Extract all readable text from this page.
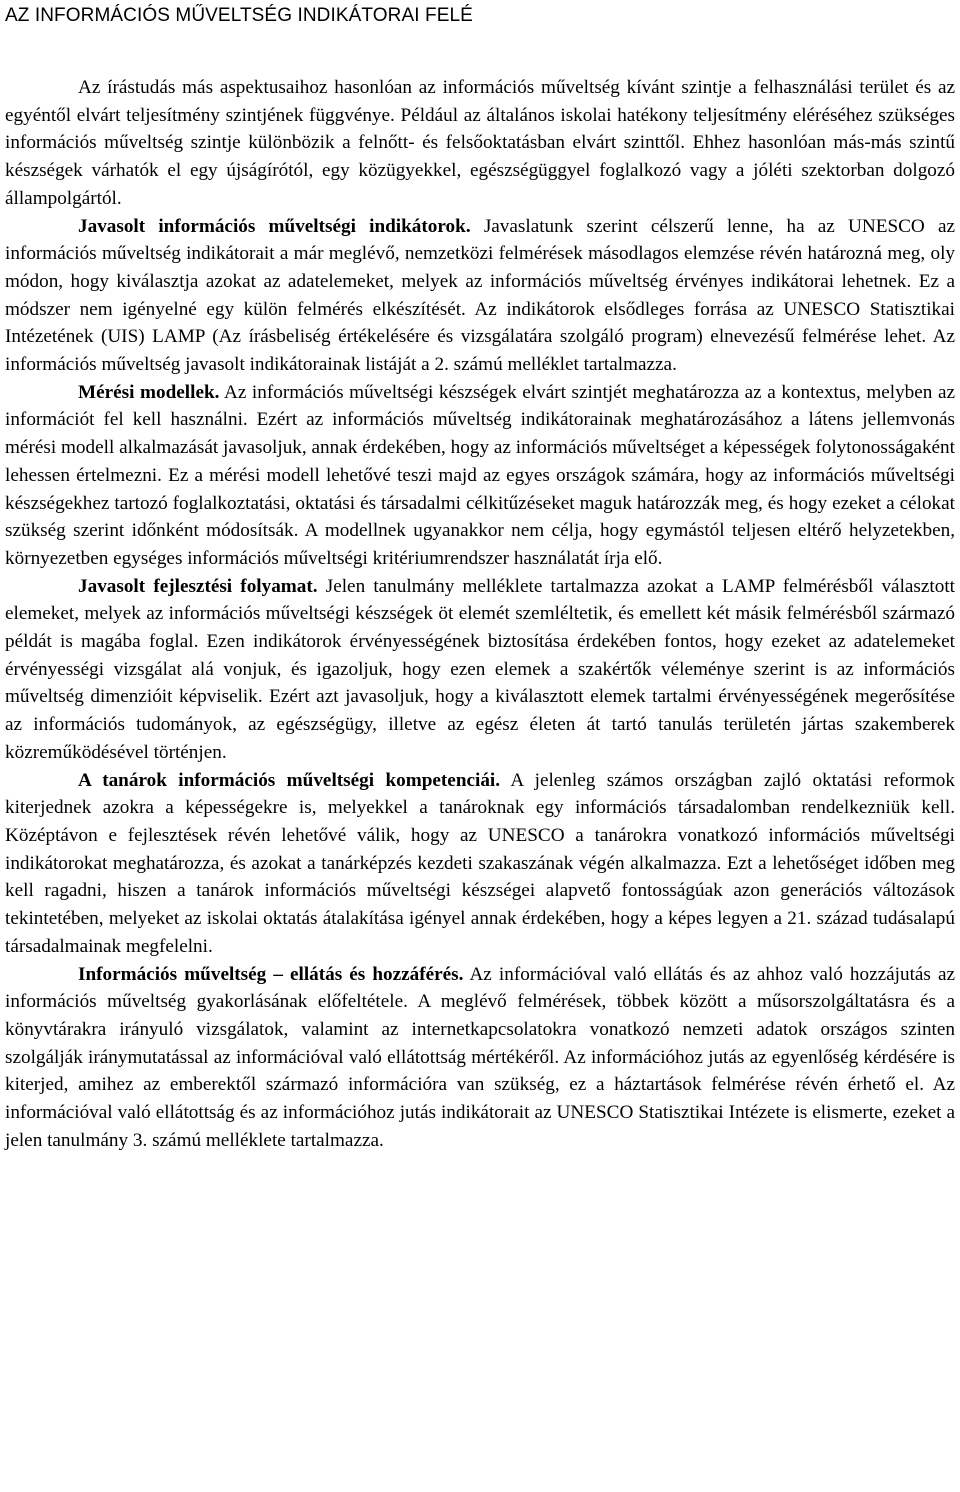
AZ INFORMÁCIÓS MŰVELTSÉG INDIKÁTORAI FELÉ

Az írástudás más aspektusaihoz hasonlóan az információs műveltség kívánt szintje a felhasználási terület és az egyéntől elvárt teljesítmény szintjének függvénye. Például az általános iskolai hatékony teljesítmény eléréséhez szükséges információs műveltség szintje különbözik a felnőtt- és felsőoktatásban elvárt szinttől. Ehhez hasonlóan más-más szintű készségek várhatók el egy újságírótól, egy közügyekkel, egészségüggyel foglalkozó vagy a jóléti szektorban dolgozó állampolgártól.

Javasolt információs műveltségi indikátorok. Javaslatunk szerint célszerű lenne, ha az UNESCO az információs műveltség indikátorait a már meglévő, nemzetközi felmérések másodlagos elemzése révén határozná meg, oly módon, hogy kiválasztja azokat az adatelemeket, melyek az információs műveltség érvényes indikátorai lehetnek. Ez a módszer nem igényelné egy külön felmérés elkészítését. Az indikátorok elsődleges forrása az UNESCO Statisztikai Intézetének (UIS) LAMP (Az írásbeliség értékelésére és vizsgálatára szolgáló program) elnevezésű felmérése lehet. Az információs műveltség javasolt indikátorainak listáját a 2. számú melléklet tartalmazza.

Mérési modellek. Az információs műveltségi készségek elvárt szintjét meghatározza az a kontextus, melyben az információt fel kell használni. Ezért az információs műveltség indikátorainak meghatározásához a látens jellemvonás mérési modell alkalmazását javasoljuk, annak érdekében, hogy az információs műveltséget a képességek folytonosságaként lehessen értelmezni. Ez a mérési modell lehetővé teszi majd az egyes országok számára, hogy az információs műveltségi készségekhez tartozó foglalkoztatási, oktatási és társadalmi célkitűzéseket maguk határozzák meg, és hogy ezeket a célokat szükség szerint időnként módosítsák. A modellnek ugyanakkor nem célja, hogy egymástól teljesen eltérő helyzetekben, környezetben egységes információs műveltségi kritériumrendszer használatát írja elő.

Javasolt fejlesztési folyamat. Jelen tanulmány melléklete tartalmazza azokat a LAMP felmérésből választott elemeket, melyek az információs műveltségi készségek öt elemét szemléltetik, és emellett két másik felmérésből származó példát is magába foglal. Ezen indikátorok érvényességének biztosítása érdekében fontos, hogy ezeket az adatelemeket érvényességi vizsgálat alá vonjuk, és igazoljuk, hogy ezen elemek a szakértők véleménye szerint is az információs műveltség dimenzióit képviselik. Ezért azt javasoljuk, hogy a kiválasztott elemek tartalmi érvényességének megerősítése az információs tudományok, az egészségügy, illetve az egész életen át tartó tanulás területén jártas szakemberek közreműködésével történjen.

A tanárok információs műveltségi kompetenciái. A jelenleg számos országban zajló oktatási reformok kiterjednek azokra a képességekre is, melyekkel a tanároknak egy információs társadalomban rendelkezniük kell. Középtávon e fejlesztések révén lehetővé válik, hogy az UNESCO a tanárokra vonatkozó információs műveltségi indikátorokat meghatározza, és azokat a tanárképzés kezdeti szakaszának végén alkalmazza. Ezt a lehetőséget időben meg kell ragadni, hiszen a tanárok információs műveltségi készségei alapvető fontosságúak azon generációs változások tekintetében, melyeket az iskolai oktatás átalakítása igényel annak érdekében, hogy a képes legyen a 21. század tudásalapú társadalmainak megfelelni.

Információs műveltség – ellátás és hozzáférés. Az információval való ellátás és az ahhoz való hozzájutás az információs műveltség gyakorlásának előfeltétele. A meglévő felmérések, többek között a műsorszolgáltatásra és a könyvtárakra irányuló vizsgálatok, valamint az internetkapcsolatokra vonatkozó nemzeti adatok országos szinten szolgálják iránymutatással az információval való ellátottság mértékéről. Az információhoz jutás az egyenlőség kérdésére is kiterjed, amihez az emberektől származó információra van szükség, ez a háztartások felmérése révén érhető el. Az információval való ellátottság és az információhoz jutás indikátorait az UNESCO Statisztikai Intézete is elismerte, ezeket a jelen tanulmány 3. számú melléklete tartalmazza.
